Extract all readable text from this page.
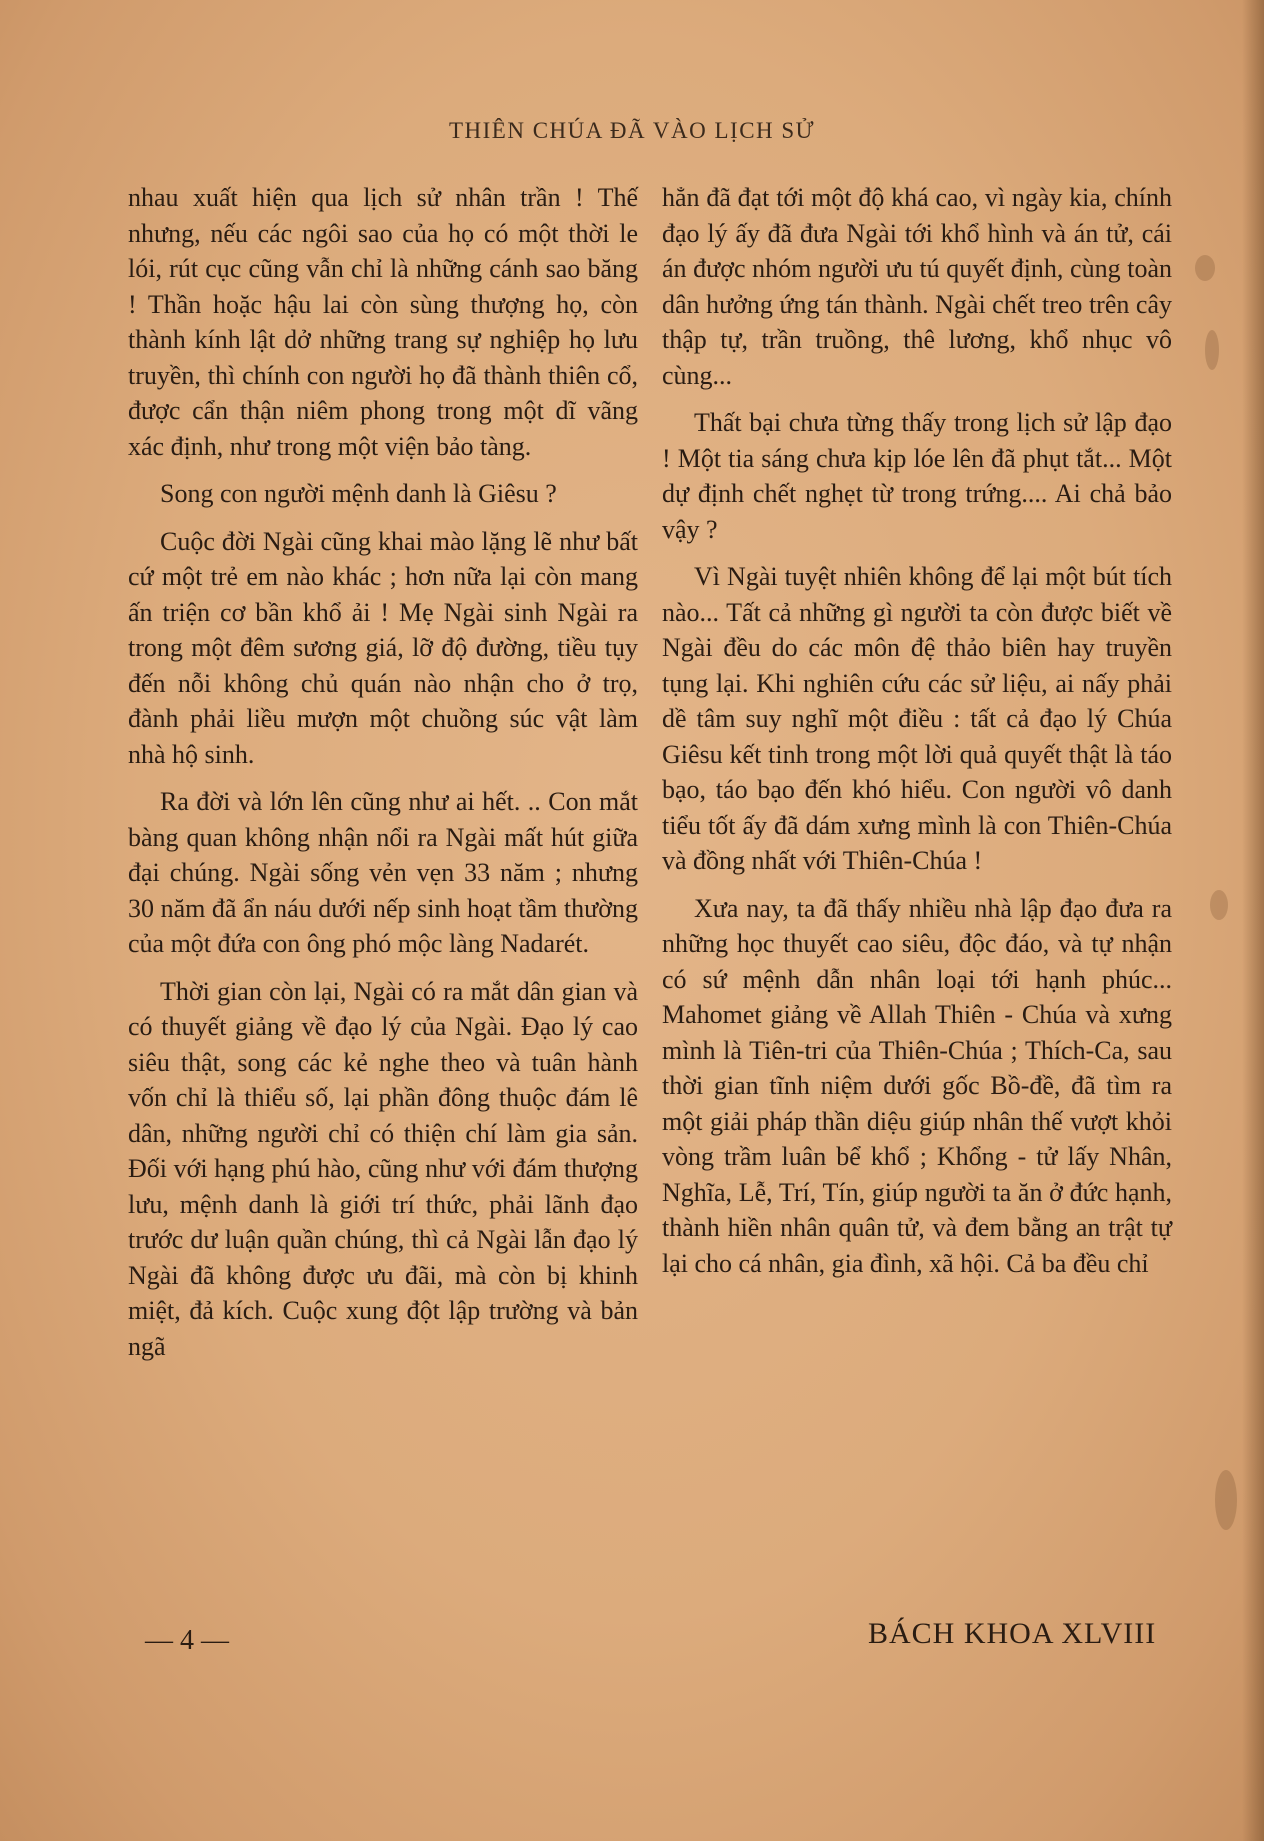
THIÊN CHÚA ĐÃ VÀO LỊCH SỬ

nhau xuất hiện qua lịch sử nhân trần ! Thế nhưng, nếu các ngôi sao của họ có một thời le lói, rút cục cũng vẫn chỉ là những cánh sao băng ! Thần hoặc hậu lai còn sùng thượng họ, còn thành kính lật dở những trang sự nghiệp họ lưu truyền, thì chính con người họ đã thành thiên cổ, được cẩn thận niêm phong trong một dĩ vãng xác định, như trong một viện bảo tàng.

Song con người mệnh danh là Giêsu ?

Cuộc đời Ngài cũng khai mào lặng lẽ như bất cứ một trẻ em nào khác ; hơn nữa lại còn mang ấn triện cơ bần khổ ải ! Mẹ Ngài sinh Ngài ra trong một đêm sương giá, lỡ độ đường, tiều tụy đến nỗi không chủ quán nào nhận cho ở trọ, đành phải liều mượn một chuồng súc vật làm nhà hộ sinh.

Ra đời và lớn lên cũng như ai hết. .. Con mắt bàng quan không nhận nổi ra Ngài mất hút giữa đại chúng. Ngài sống vẻn vẹn 33 năm ; nhưng 30 năm đã ẩn náu dưới nếp sinh hoạt tầm thường của một đứa con ông phó mộc làng Nadarét.

Thời gian còn lại, Ngài có ra mắt dân gian và có thuyết giảng về đạo lý của Ngài. Đạo lý cao siêu thật, song các kẻ nghe theo và tuân hành vốn chỉ là thiểu số, lại phần đông thuộc đám lê dân, những người chỉ có thiện chí làm gia sản. Đối với hạng phú hào, cũng như với đám thượng lưu, mệnh danh là giới trí thức, phải lãnh đạo trước dư luận quần chúng, thì cả Ngài lẫn đạo lý Ngài đã không được ưu đãi, mà còn bị khinh miệt, đả kích. Cuộc xung đột lập trường và bản ngã

hẳn đã đạt tới một độ khá cao, vì ngày kia, chính đạo lý ấy đã đưa Ngài tới khổ hình và án tử, cái án được nhóm người ưu tú quyết định, cùng toàn dân hưởng ứng tán thành. Ngài chết treo trên cây thập tự, trần truồng, thê lương, khổ nhục vô cùng...

Thất bại chưa từng thấy trong lịch sử lập đạo ! Một tia sáng chưa kịp lóe lên đã phụt tắt... Một dự định chết nghẹt từ trong trứng.... Ai chả bảo vậy ?

Vì Ngài tuyệt nhiên không để lại một bút tích nào... Tất cả những gì người ta còn được biết về Ngài đều do các môn đệ thảo biên hay truyền tụng lại. Khi nghiên cứu các sử liệu, ai nấy phải dề tâm suy nghĩ một điều : tất cả đạo lý Chúa Giêsu kết tinh trong một lời quả quyết thật là táo bạo, táo bạo đến khó hiểu. Con người vô danh tiểu tốt ấy đã dám xưng mình là con Thiên-Chúa và đồng nhất với Thiên-Chúa !

Xưa nay, ta đã thấy nhiều nhà lập đạo đưa ra những học thuyết cao siêu, độc đáo, và tự nhận có sứ mệnh dẫn nhân loại tới hạnh phúc... Mahomet giảng về Allah Thiên - Chúa và xưng mình là Tiên-tri của Thiên-Chúa ; Thích-Ca, sau thời gian tĩnh niệm dưới gốc Bồ-đề, đã tìm ra một giải pháp thần diệu giúp nhân thế vượt khỏi vòng trầm luân bể khổ ; Khổng - tử lấy Nhân, Nghĩa, Lễ, Trí, Tín, giúp người ta ăn ở đức hạnh, thành hiền nhân quân tử, và đem bằng an trật tự lại cho cá nhân, gia đình, xã hội. Cả ba đều chỉ

— 4 —	BÁCH KHOA XLVIII
